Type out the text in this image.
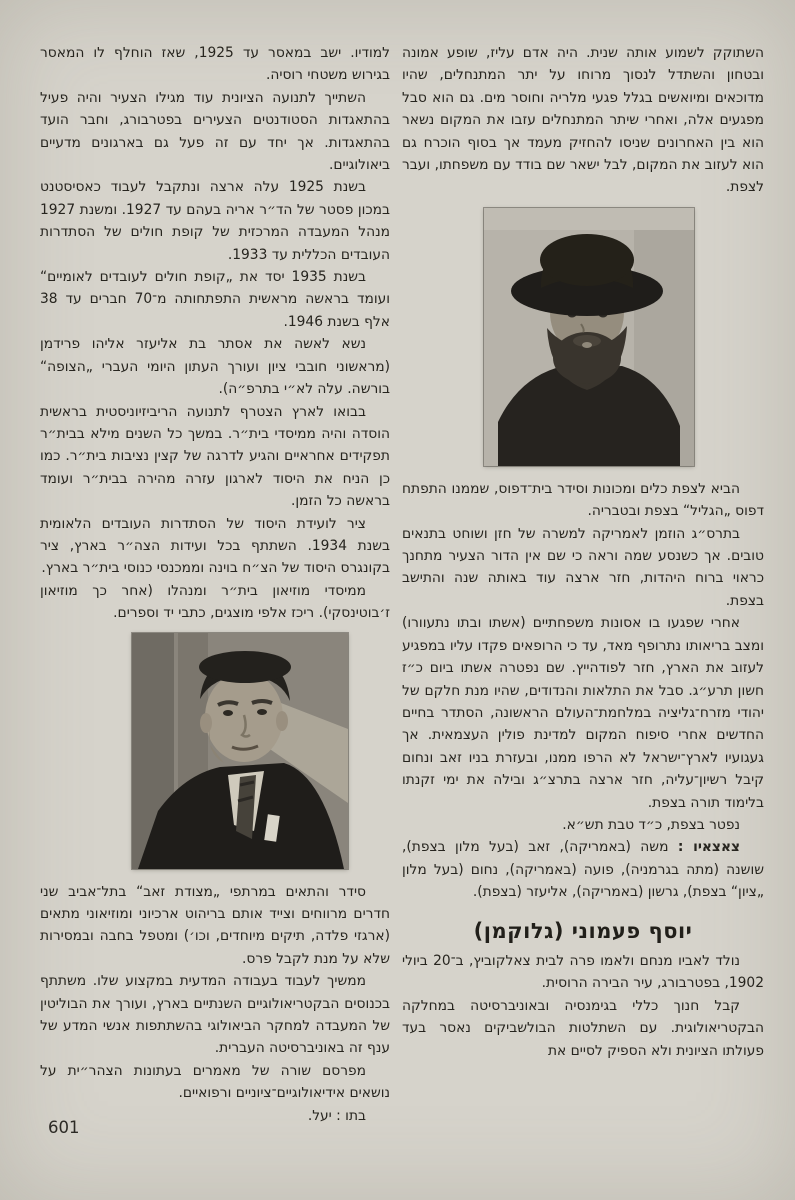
השתוקק לשמוע אותה שנית. היה אדם עליז, שופע אמונה ובטחון והשתדל לנסוך מרוחו על יתר המתנחלים, שהיו מדוכאים ומיואשים בגלל פגעי מלריה וחוסר מים. גם הוא סבל מפגעים אלה, ואחרי שיתר המתנחלים עזבו את המקום נשאר הוא בין האחרונים שניסו להחזיק מעמד אך בסוף הוכרח גם הוא לעזוב את המקום, לבל ישאר שם בודד עם משפחתו, ועבר לצפת.

הביא לצפת כלים ומכונות וסידר בית־דפוס, שממנו התפתח דפוס „הגליל“ בצפת ובטבריה.

בתרס״ג הוזמן לאמריקה למשרה של חזן ושוחט בתנאים טובים. אך כשנסע שמה וראה כי שם אין הדור הצעיר מתחנך כראוי ברוח היהדות, חזר ארצה עוד באותה שנה והתישב בצפת.

אחרי שפגעו בו אסונות משפחתיים (אשתו ובתו נתעוורו) ומצב בריאותו נתרופף מאד, עד כי הרופאים פקדו עליו במפגיע לעזוב את הארץ, חזר לפודהייץ. שם נפטרה אשתו ביום כ״ז חשון תרע״ג. סבל את התלאות והנדודים, שהיו מנת חלקם של יהודי מזרח־גליציה במלחמת־העולם הראשונה, הסתדר בחיים החדשים אחרי סיפוח המקום למדינת פולין העצמאית. אך געגועיו לארץ־ישראל לא הרפו ממנו, ובעזרת בניו זאב ונחום קיבל רשיון־עליה, חזר ארצה בתרצ״ג ובילה את ימי זקנתו בלימוד תורה בצפת.

נפטר בצפת, כ״ד טבת תש״א.

צאצאיו : משה (באמריקה), זאב (בעל מלון בצפת), שושנה (מתה בגרמניה), פועה (באמריקה), נחום (בעל מלון „ציון“ בצפת), גרשון (באמריקה), אליעזר (בצפת).

יוסף פעמוני (גלוקמן)

נולד לאביו מנחם ולאמו פרה לבית צאלקוביץ, ב־20 ביולי 1902, בפטרבורג, עיר הבירה הרוסית.

קבל חנוך כללי בגימנסיה ובאוניברסיטה במחלקה הבקטריאולוגית. עם השתלטות הבולשביקים נאסר בעד פעולתו הציונית ולא הספיק לסיים את

למודיו. ישב במאסר עד 1925, שאז הוחלף לו המאסר בגירוש משטחי רוסיה.

השתייך לתנועה הציונית עוד מגילו הצעיר והיה פעיל בהתאגדות הסטודנטים הצעירים בפטרבורג, וחבר הועד בהתאגדות. אך יחד עם זה פעל גם בארגונים מדעיים ביאולוגיים.

בשנת 1925 עלה ארצה ונתקבל לעבוד כאסיסטנט במכון פסטר של הד״ר אריה בעהם עד 1927. ומשנת 1927 מנהל המעבדה המרכזית של קופת חולים של הסתדרות העובדים הכללית עד 1933.

בשנת 1935 יסד את „קופת חולים לעובדים לאומיים“ ועומד בראשה מראשית התפתחותה מ־70 חברים עד 38 אלף בשנת 1946.

נשא לאשה את אסתר בת אליעזר אליהו פרידמן (מראשוני חובבי ציון ועורך העתון היומי העברי „הצופה“ בורשה. עלה לא״י בתרפ״ה).

בבואו לארץ הצטרף לתנועה הריביזיוניסטית בראשית הוסדה והיה ממיסדי בית״ר. במשך כל השנים מילא בבית״ר תפקידים אחראיים והגיע לדרגה של קצין נציבות בית״ר. כמו כן הניח את היסוד לארגון עזרה מהירה בבית״ר ועומד בראשה כל הזמן.

ציר לועידת היסוד של הסתדרות העובדים הלאומית בשנת 1934. השתתף בכל ועידות הצה״ר בארץ, ציר בקונגרס היסוד של הצ״ח בוינה וממכנסי כנוסי בית״ר בארץ.

ממיסדי מוזיאון בית״ר ומנהלו (אחר כך מוזיאון ז׳בוטינסקי). ריכז אלפי מוצגים, כתבי יד וספרים.

סידר והתאים במרתפי „מצודת זאב“ בתל־אביב שני חדרים מרווחים וצייד אותם בריהוט ארכיוני ומוזיאוני מתאים (ארגזי פלדה, תיקים מיוחדים, וכו׳) ומטפל בחבה ובמסירות שלא על מנת לקבל פרס.

ממשיך לעבוד בעבודה המדעית במקצוע שלו. משתתף בכנוסים הבקטריאולוגיים השנתיים בארץ, ועורך את הבוליטין של המעבדה למחקר הביאולוגי בהשתתפות אנשי המדע של ענף זה באוניברסיטה העברית.

מפרסם שורה של מאמרים בעתונות הצהר״ית על נושאים אידיאולוגיים־ציוניים ורפואיים.

בתו : יעל.

601
